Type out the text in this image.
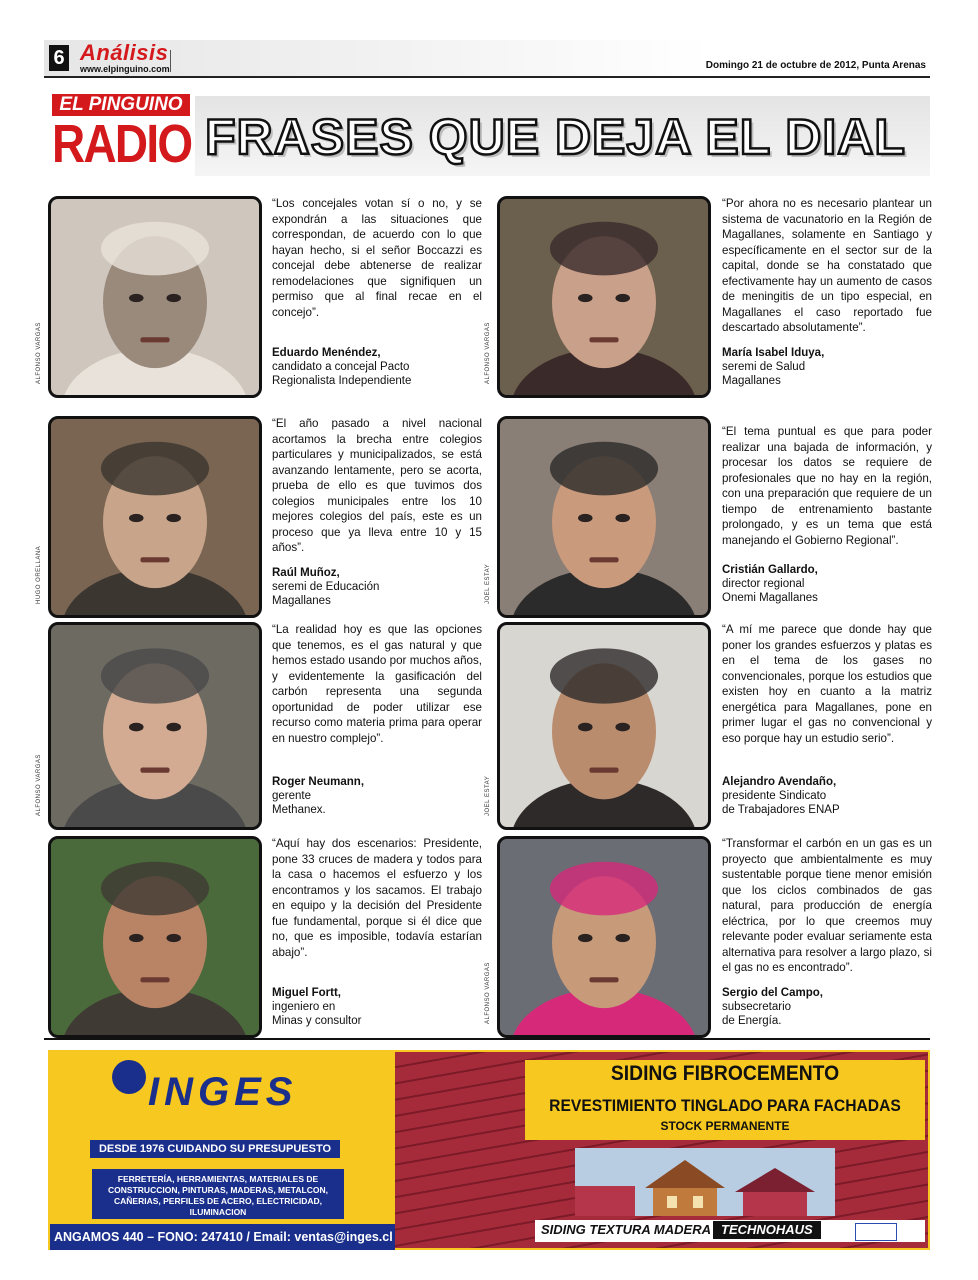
6 Análisis
www.elpinguino.com	Domingo 21 de octubre de 2012, Punta Arenas
EL PINGUINO
RADIO FRASES QUE DEJA EL DIAL
ALFONSO VARGAS
“Los concejales votan sí o no, y se expondrán a las situaciones que correspondan, de acuerdo con lo que hayan hecho, si el señor Boccazzi es concejal debe abtenerse de realizar remodelaciones que signifiquen un permiso que al final recae en el concejo”.
Eduardo Menéndez,
candidato a concejal Pacto
Regionalista Independiente	ALFONSO VARGAS
“Por ahora no es necesario plantear un sistema de vacunatorio en la Región de Magallanes, solamente en Santiago y específicamente en el sector sur de la capital, donde se ha constatado que efectivamente hay un aumento de casos de meningitis de un tipo especial, en Magallanes el caso reportado fue descartado absolutamente”.
María Isabel Iduya,
seremi de Salud
Magallanes
HUGO ORELLANA
“El año pasado a nivel nacional acortamos la brecha entre colegios particulares y municipalizados, se está avanzando lentamente, pero se acorta, prueba de ello es que tuvimos dos colegios municipales entre los 10 mejores colegios del país, este es un proceso que ya lleva entre 10 y 15 años”.
Raúl Muñoz,
seremi de Educación
Magallanes	JOEL ESTAY
“El tema puntual es que para poder realizar una bajada de información, y procesar los datos se requiere de profesionales que no hay en la región, con una preparación que requiere de un tiempo de entrenamiento bastante prolongado, y es un tema que está manejando el Gobierno Regional”.
Cristián Gallardo,
director regional
Onemi Magallanes
ALFONSO VARGAS
“La realidad hoy es que las opciones que tenemos, es el gas natural y que hemos estado usando por muchos años, y evidentemente la gasificación del carbón representa una segunda oportunidad de poder utilizar ese recurso como materia prima para operar en nuestro complejo”.
Roger Neumann,
gerente
Methanex.	JOEL ESTAY
“A mí me parece que donde hay que poner los grandes esfuerzos y platas es en el tema de los gases no convencionales, porque los estudios que existen hoy en cuanto a la matriz energética para Magallanes, pone en primer lugar el gas no convencional y eso porque hay un estudio serio”.
Alejandro Avendaño,
presidente Sindicato
de Trabajadores ENAP
“Aquí hay dos escenarios: Presidente, pone 33 cruces de madera y todos para la casa o hacemos el esfuerzo y los encontramos y los sacamos. El trabajo en equipo y la decisión del Presidente fue fundamental, porque si él dice que no, que es imposible, todavía estarían abajo”.
Miguel Fortt,
ingeniero en
Minas y consultor	ALFONSO VARGAS
“Transformar el carbón en un gas es un proyecto que ambientalmente es muy sustentable porque tiene menor emisión que los ciclos combinados de gas natural, para producción de energía eléctrica, por lo que creemos muy relevante poder evaluar seriamente esta alternativa para resolver a largo plazo, si el gas no es encontrado”.
Sergio del Campo,
subsecretario
de Energía.
INGES
DESDE 1976 CUIDANDO SU PRESUPUESTO
FERRETERÍA, HERRAMIENTAS, MATERIALES DE CONSTRUCCION, PINTURAS, MADERAS, METALCON, CAÑERIAS, PERFILES DE ACERO, ELECTRICIDAD, ILUMINACION
ANGAMOS 440 – FONO: 247410 / Email: ventas@inges.cl
SIDING FIBROCEMENTO
REVESTIMIENTO TINGLADO PARA FACHADAS
STOCK PERMANENTE
SIDING TEXTURA MADERA TECHNOHAUS
